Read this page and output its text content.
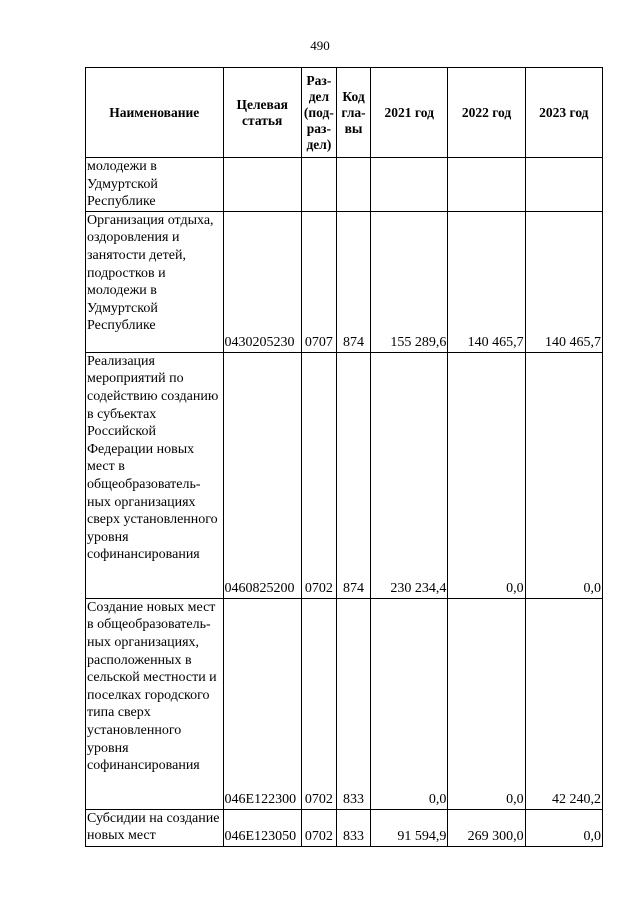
490
Наименование	Целевая статья	Раз-дел (под-раз-дел)	Код гла-вы	2021 год	2022 год	2023 год
молодежи в Удмуртской Республике						
Организация отдыха, оздоровления и занятости детей, подростков и молодежи в Удмуртской Республике	0430205230	0707	874	155 289,6	140 465,7	140 465,7
Реализация мероприятий по содействию созданию в субъектах Российской Федерации новых мест в общеобразователь-ных организациях сверх установленного уровня софинансирования	0460825200	0702	874	230 234,4	0,0	0,0
Создание новых мест в общеобразователь-ных организациях, расположенных в сельской местности и поселках городского типа сверх установленного уровня софинансирования	046E122300	0702	833	0,0	0,0	42 240,2
Субсидии на создание новых мест	046E123050	0702	833	91 594,9	269 300,0	0,0
